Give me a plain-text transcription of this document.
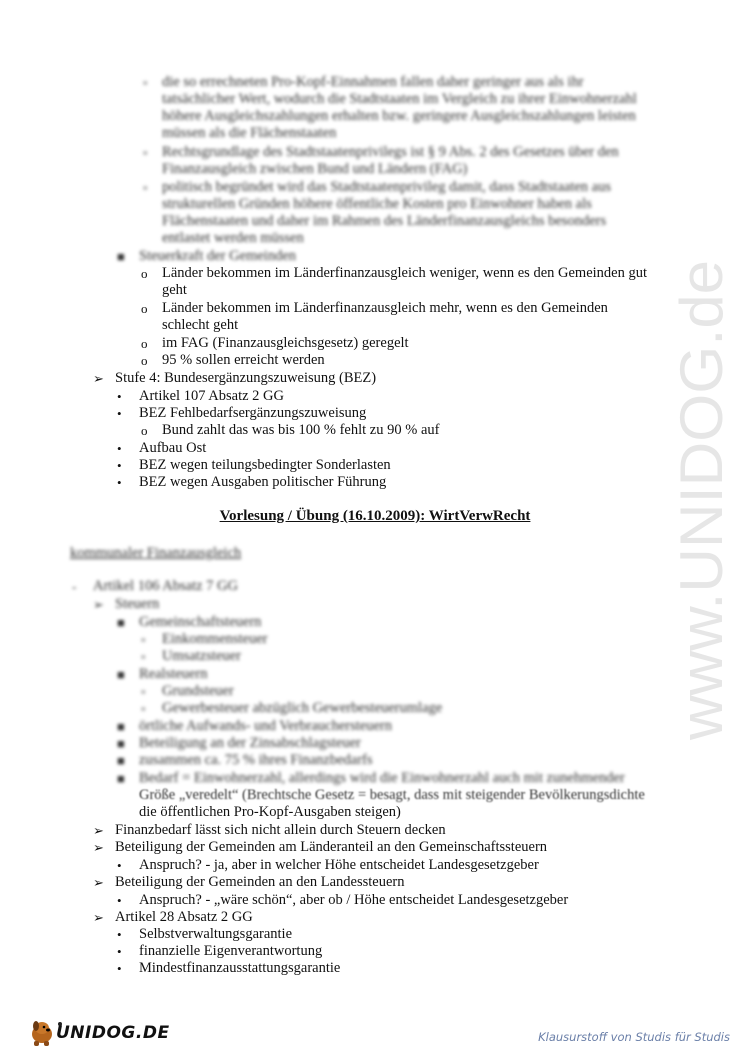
www.UNIDOG.de
▫ die so errechneten Pro-Kopf-Einnahmen fallen daher geringer aus als ihr
tatsächlicher Wert, wodurch die Stadtstaaten im Vergleich zu ihrer Einwohnerzahl
höhere Ausgleichszahlungen erhalten bzw. geringere Ausgleichszahlungen leisten
müssen als die Flächenstaaten
▫ Rechtsgrundlage des Stadtstaatenprivilegs ist § 9 Abs. 2 des Gesetzes über den
Finanzausgleich zwischen Bund und Ländern (FAG)
▫ politisch begründet wird das Stadtstaatenprivileg damit, dass Stadtstaaten aus
strukturellen Gründen höhere öffentliche Kosten pro Einwohner haben als
Flächenstaaten und daher im Rahmen des Länderfinanzausgleichs besonders
entlastet werden müssen
■ Steuerkraft der Gemeinden
o Länder bekommen im Länderfinanzausgleich weniger, wenn es den Gemeinden gut
geht
o Länder bekommen im Länderfinanzausgleich mehr, wenn es den Gemeinden
schlecht geht
o im FAG (Finanzausgleichsgesetz) geregelt
o 95 % sollen erreicht werden
➢ Stufe 4: Bundesergänzungszuweisung (BEZ)
• Artikel 107 Absatz 2 GG
• BEZ Fehlbedarfsergänzungszuweisung
o Bund zahlt das was bis 100 % fehlt zu 90 % auf
• Aufbau Ost
• BEZ wegen teilungsbedingter Sonderlasten
• BEZ wegen Ausgaben politischer Führung
Vorlesung / Übung (16.10.2009): WirtVerwRecht
kommunaler Finanzausgleich
- Artikel 106 Absatz 7 GG
➢ Steuern
■ Gemeinschaftsteuern
▫ Einkommensteuer
▫ Umsatzsteuer
■ Realsteuern
▫ Grundsteuer
▫ Gewerbesteuer abzüglich Gewerbesteuerumlage
■ örtliche Aufwands- und Verbrauchersteuern
■ Beteiligung an der Zinsabschlagsteuer
■ zusammen ca. 75 % ihres Finanzbedarfs
■ Bedarf = Einwohnerzahl, allerdings wird die Einwohnerzahl auch mit zunehmender
Größe „veredelt“ (Brechtsche Gesetz = besagt, dass mit steigender Bevölkerungsdichte
die öffentlichen Pro-Kopf-Ausgaben steigen)
➢ Finanzbedarf lässt sich nicht allein durch Steuern decken
➢ Beteiligung der Gemeinden am Länderanteil an den Gemeinschaftssteuern
• Anspruch? - ja, aber in welcher Höhe entscheidet Landesgesetzgeber
➢ Beteiligung der Gemeinden an den Landessteuern
• Anspruch? - „wäre schön“, aber ob / Höhe entscheidet Landesgesetzgeber
➢ Artikel 28 Absatz 2 GG
• Selbstverwaltungsgarantie
• finanzielle Eigenverantwortung
• Mindestfinanzausstattungsgarantie
UNIDOG.DE	Klausurstoff von Studis für Studis
